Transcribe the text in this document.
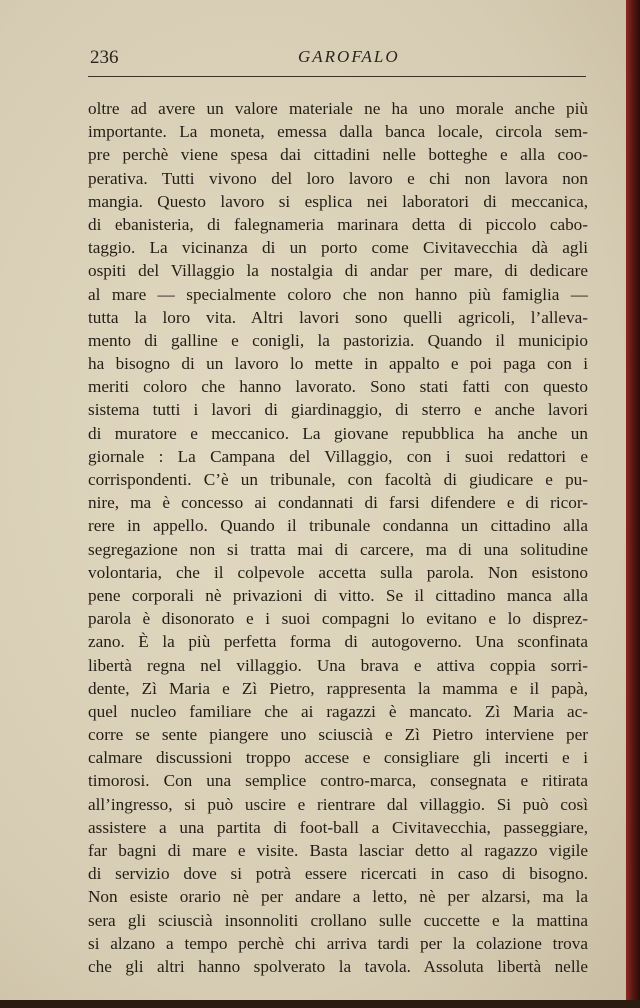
236	GAROFALO
oltre ad avere un valore materiale ne ha uno morale anche più
importante. La moneta, emessa dalla banca locale, circola sem-
pre perchè viene spesa dai cittadini nelle botteghe e alla coo-
perativa. Tutti vivono del loro lavoro e chi non lavora non
mangia. Questo lavoro si esplica nei laboratori di meccanica,
di ebanisteria, di falegnameria marinara detta di piccolo cabo-
taggio. La vicinanza di un porto come Civitavecchia dà agli
ospiti del Villaggio la nostalgia di andar per mare, di dedicare
al mare — specialmente coloro che non hanno più famiglia —
tutta la loro vita. Altri lavori sono quelli agricoli, l’alleva-
mento di galline e conigli, la pastorizia. Quando il municipio
ha bisogno di un lavoro lo mette in appalto e poi paga con i
meriti coloro che hanno lavorato. Sono stati fatti con questo
sistema tutti i lavori di giardinaggio, di sterro e anche lavori
di muratore e meccanico. La giovane repubblica ha anche un
giornale : La Campana del Villaggio, con i suoi redattori e
corrispondenti. C’è un tribunale, con facoltà di giudicare e pu-
nire, ma è concesso ai condannati di farsi difendere e di ricor-
rere in appello. Quando il tribunale condanna un cittadino alla
segregazione non si tratta mai di carcere, ma di una solitudine
volontaria, che il colpevole accetta sulla parola. Non esistono
pene corporali nè privazioni di vitto. Se il cittadino manca alla
parola è disonorato e i suoi compagni lo evitano e lo disprez-
zano. È la più perfetta forma di autogoverno. Una sconfinata
libertà regna nel villaggio. Una brava e attiva coppia sorri-
dente, Zì Maria e Zì Pietro, rappresenta la mamma e il papà,
quel nucleo familiare che ai ragazzi è mancato. Zì Maria ac-
corre se sente piangere uno sciuscià e Zì Pietro interviene per
calmare discussioni troppo accese e consigliare gli incerti e i
timorosi. Con una semplice contro-marca, consegnata e ritirata
all’ingresso, si può uscire e rientrare dal villaggio. Si può così
assistere a una partita di foot-ball a Civitavecchia, passeggiare,
far bagni di mare e visite. Basta lasciar detto al ragazzo vigile
di servizio dove si potrà essere ricercati in caso di bisogno.
Non esiste orario nè per andare a letto, nè per alzarsi, ma la
sera gli sciuscià insonnoliti crollano sulle cuccette e la mattina
si alzano a tempo perchè chi arriva tardi per la colazione trova
che gli altri hanno spolverato la tavola. Assoluta libertà nelle
